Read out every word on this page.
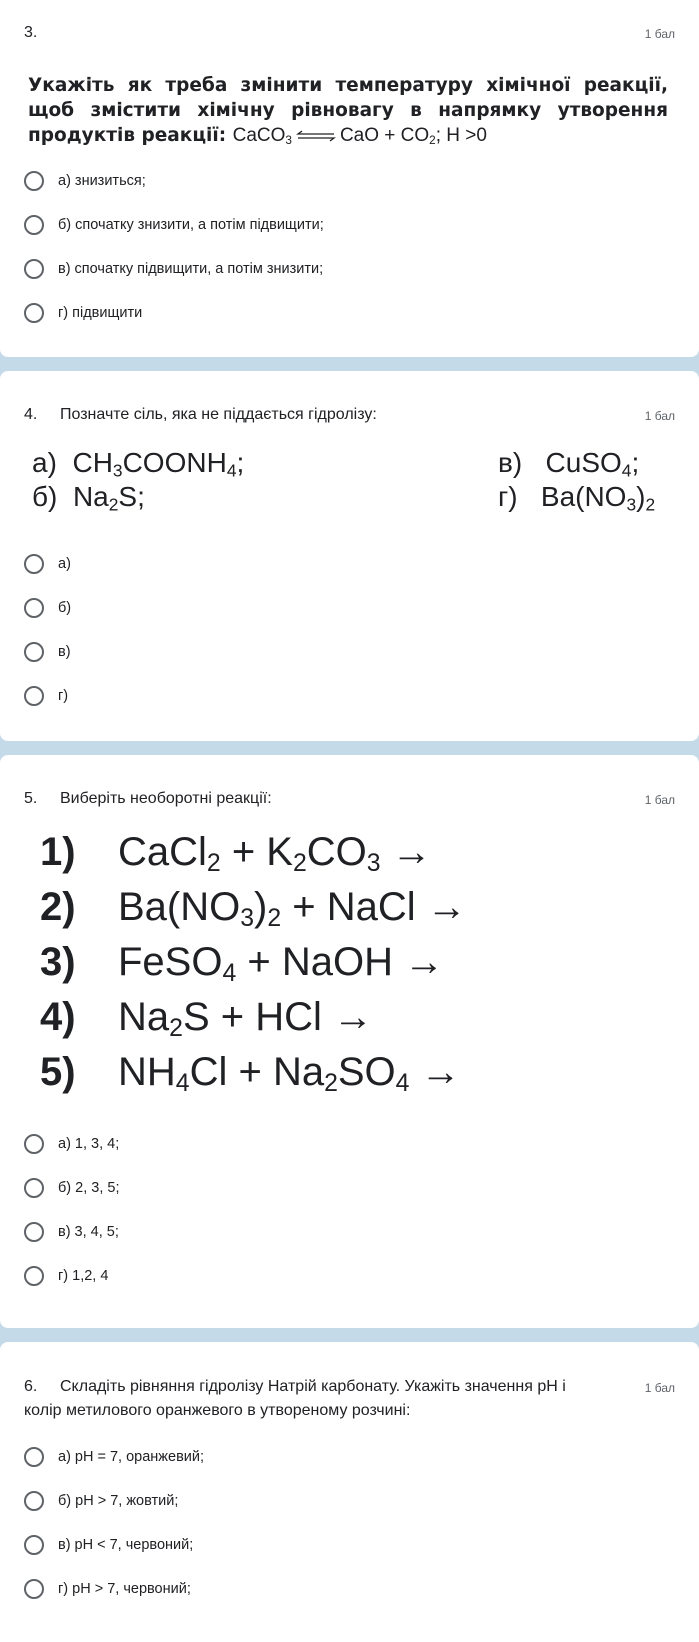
3.	1 бал
Укажіть як треба змінити температуру хімічної реакції, щоб змістити хімічну рівновагу в напрямку утворення продуктів реакції: CaCO$_3$ ⇌ CaO + $CO_2$; H >0
а) знизиться;
б) спочатку знизити, а потім підвищити;
в) спочатку підвищити, а потім знизити;
г) підвищити
4. Позначте сіль, яка не піддається гідролізу:	1 бал
а) $CH_3COONH_4$;
б) $Na_2S$;
в) CuSO$_4$;
г) $Ba(NO_3)_2$
а)
б)
в)
г)
5. Виберіть необоротні реакції:	1 бал
1) CaCl$_2$ + $K_2CO_3$ →
2) $Ba(NO_3)_2$ + NaCl →
3) FeSO$_4$ + NaOH →
4) $Na_2S$ + HCl →
5) $NH_4Cl + Na_2SO_4$ →
а) 1, 3, 4;
б) 2, 3, 5;
в) 3, 4, 5;
г) 1,2, 4
6. Складіть рівняння гідролізу Натрій карбонату. Укажіть значення pH і
колір метилового оранжевого в утвореному розчині:
1 бал
а) pH = 7, оранжевий;
б) pH > 7, жовтий;
в) pH < 7, червоний;
г) pH > 7, червоний;
